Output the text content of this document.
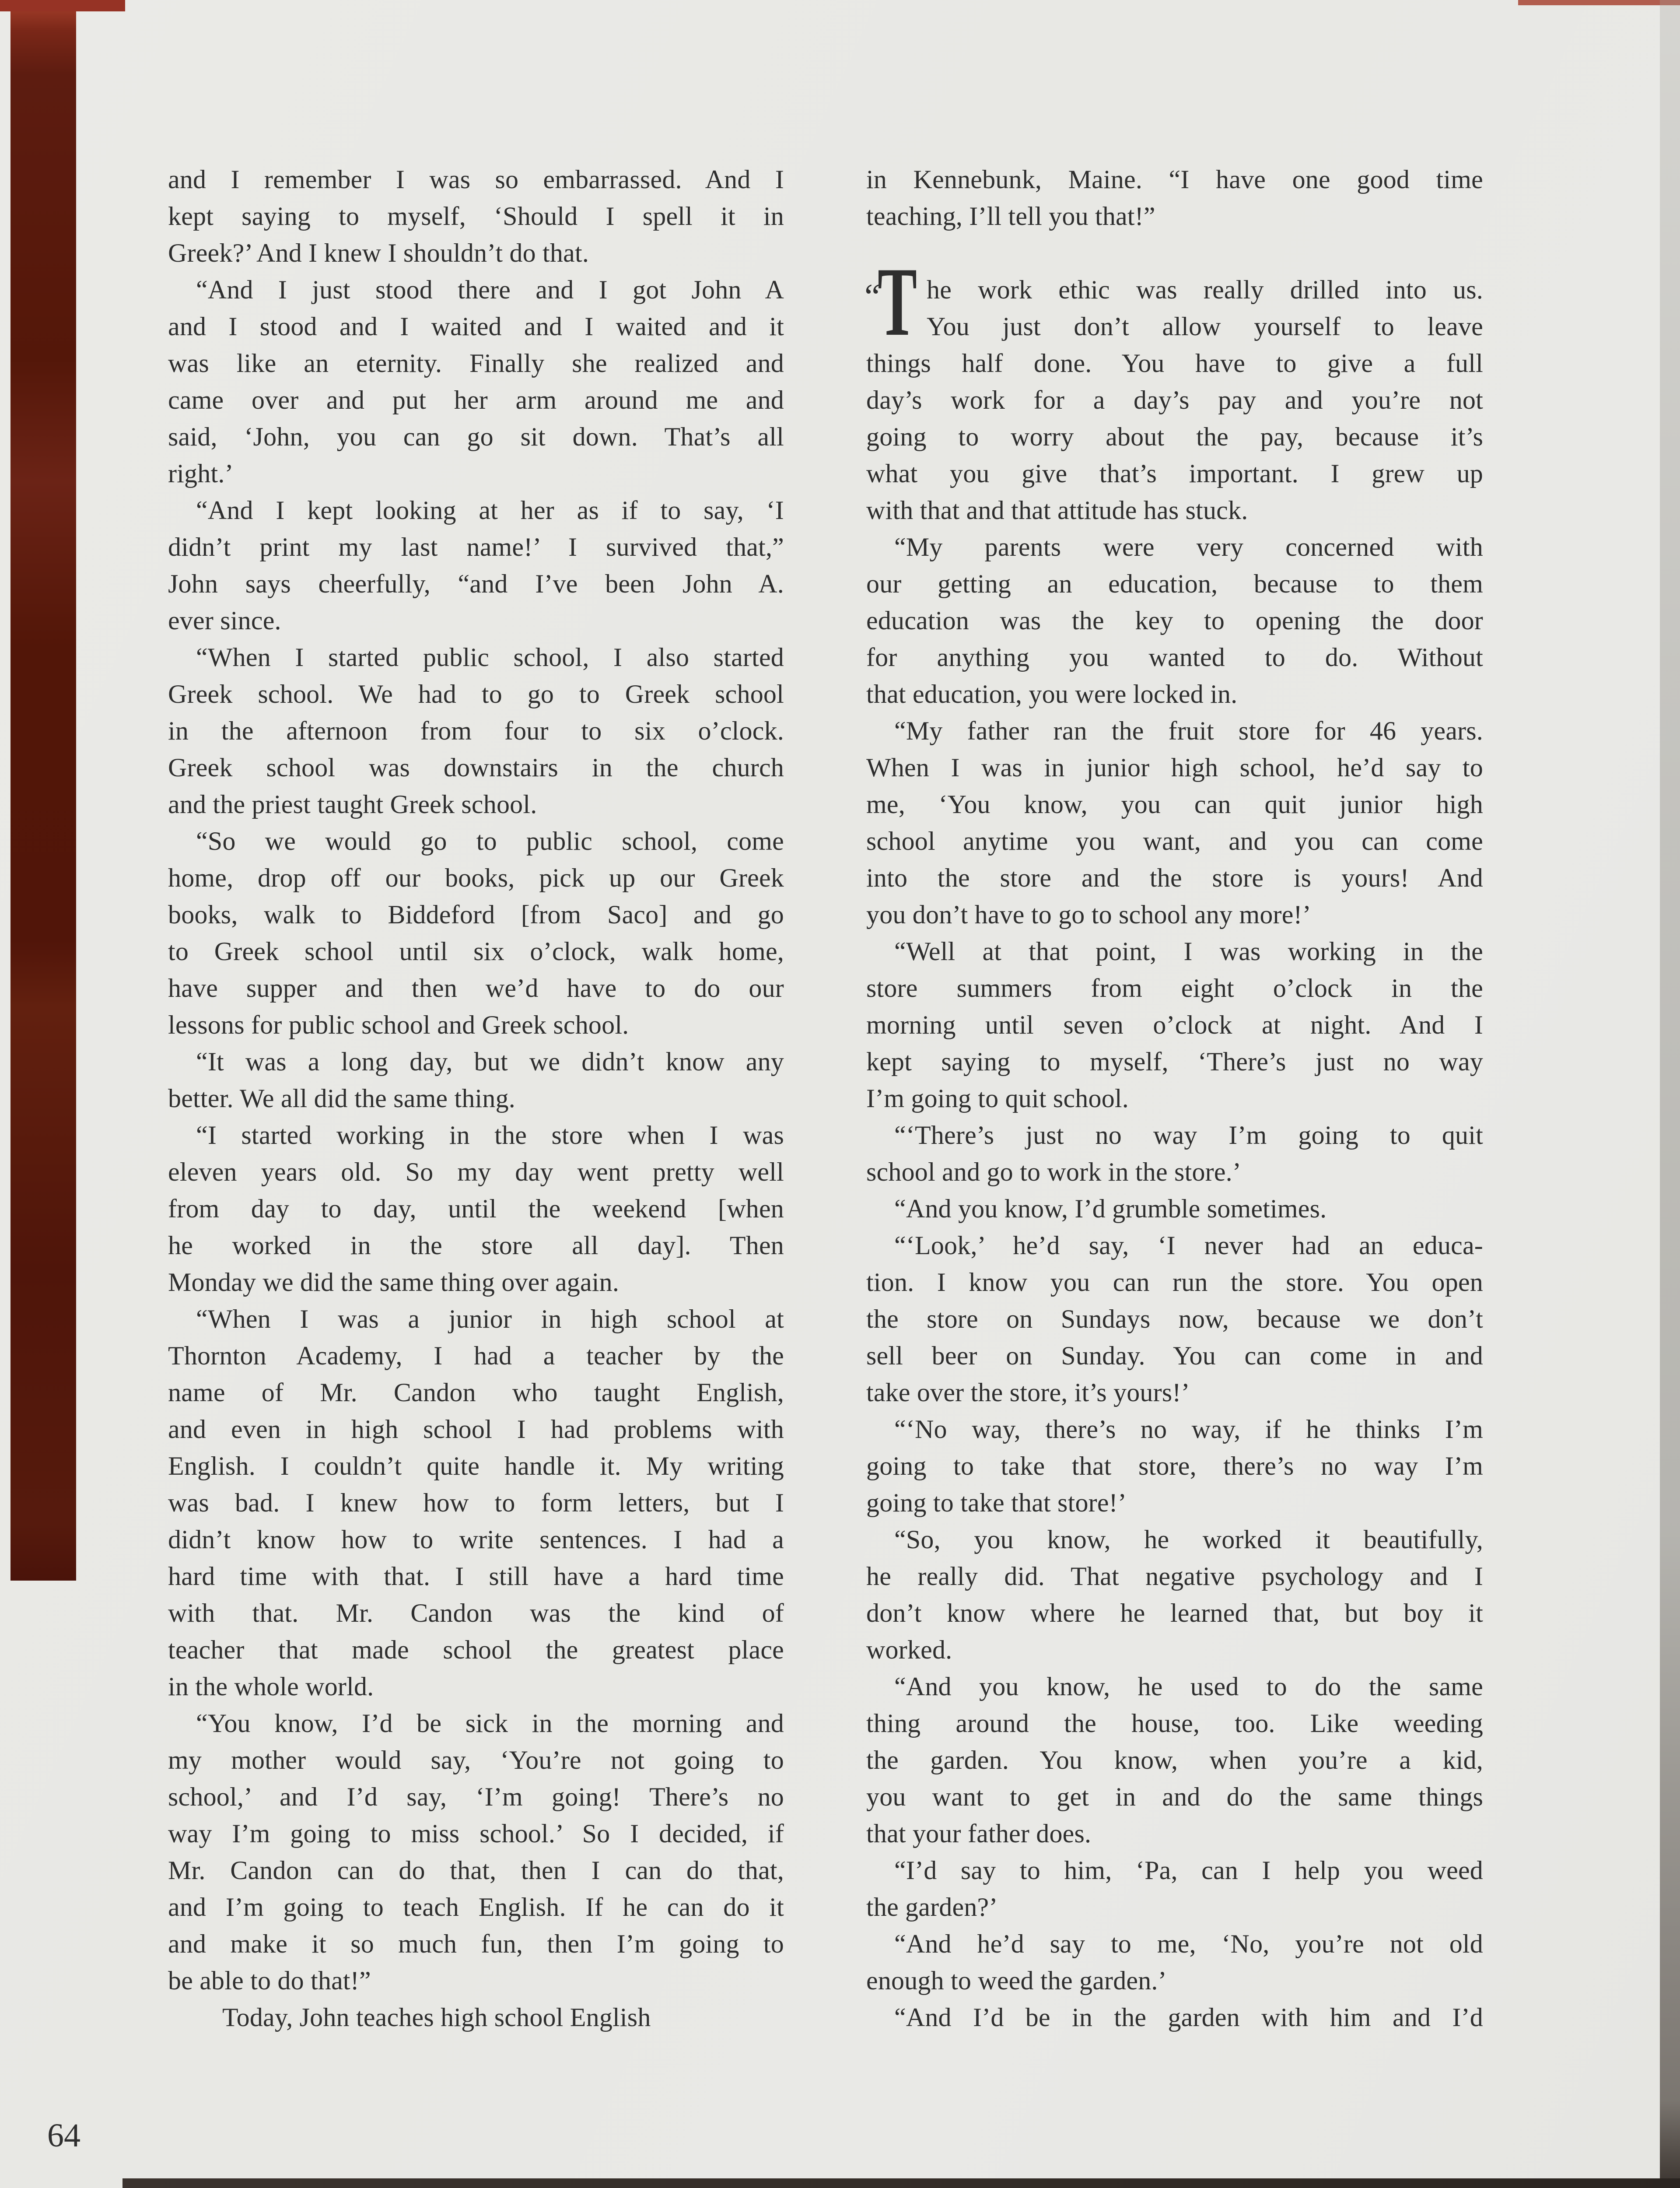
and I remember I was so embarrassed. And I
kept saying to myself, ‘Should I spell it in
Greek?’ And I knew I shouldn’t do that.
“And I just stood there and I got John A
and I stood and I waited and I waited and it
was like an eternity. Finally she realized and
came over and put her arm around me and
said, ‘John, you can go sit down. That’s all
right.’
“And I kept looking at her as if to say, ‘I
didn’t print my last name!’ I survived that,”
John says cheerfully, “and I’ve been John A.
ever since.
“When I started public school, I also started
Greek school. We had to go to Greek school
in the afternoon from four to six o’clock.
Greek school was downstairs in the church
and the priest taught Greek school.
“So we would go to public school, come
home, drop off our books, pick up our Greek
books, walk to Biddeford [from Saco] and go
to Greek school until six o’clock, walk home,
have supper and then we’d have to do our
lessons for public school and Greek school.
“It was a long day, but we didn’t know any
better. We all did the same thing.
“I started working in the store when I was
eleven years old. So my day went pretty well
from day to day, until the weekend [when
he worked in the store all day]. Then
Monday we did the same thing over again.
“When I was a junior in high school at
Thornton Academy, I had a teacher by the
name of Mr. Candon who taught English,
and even in high school I had problems with
English. I couldn’t quite handle it. My writing
was bad. I knew how to form letters, but I
didn’t know how to write sentences. I had a
hard time with that. I still have a hard time
with that. Mr. Candon was the kind of
teacher that made school the greatest place
in the whole world.
“You know, I’d be sick in the morning and
my mother would say, ‘You’re not going to
school,’ and I’d say, ‘I’m going! There’s no
way I’m going to miss school.’ So I decided, if
Mr. Candon can do that, then I can do that,
and I’m going to teach English. If he can do it
and make it so much fun, then I’m going to
be able to do that!”
Today, John teaches high school English
in Kennebunk, Maine. “I have one good time
teaching, I’ll tell you that!”
“
T he work ethic was really drilled into us.
You just don’t allow yourself to leave
things half done. You have to give a full
day’s work for a day’s pay and you’re not
going to worry about the pay, because it’s
what you give that’s important. I grew up
with that and that attitude has stuck.
“My parents were very concerned with
our getting an education, because to them
education was the key to opening the door
for anything you wanted to do. Without
that education, you were locked in.
“My father ran the fruit store for 46 years.
When I was in junior high school, he’d say to
me, ‘You know, you can quit junior high
school anytime you want, and you can come
into the store and the store is yours! And
you don’t have to go to school any more!’
“Well at that point, I was working in the
store summers from eight o’clock in the
morning until seven o’clock at night. And I
kept saying to myself, ‘There’s just no way
I’m going to quit school.
“‘There’s just no way I’m going to quit
school and go to work in the store.’
“And you know, I’d grumble sometimes.
“‘Look,’ he’d say, ‘I never had an educa-
tion. I know you can run the store. You open
the store on Sundays now, because we don’t
sell beer on Sunday. You can come in and
take over the store, it’s yours!’
“‘No way, there’s no way, if he thinks I’m
going to take that store, there’s no way I’m
going to take that store!’
“So, you know, he worked it beautifully,
he really did. That negative psychology and I
don’t know where he learned that, but boy it
worked.
“And you know, he used to do the same
thing around the house, too. Like weeding
the garden. You know, when you’re a kid,
you want to get in and do the same things
that your father does.
“I’d say to him, ‘Pa, can I help you weed
the garden?’
“And he’d say to me, ‘No, you’re not old
enough to weed the garden.’
“And I’d be in the garden with him and I’d
64
